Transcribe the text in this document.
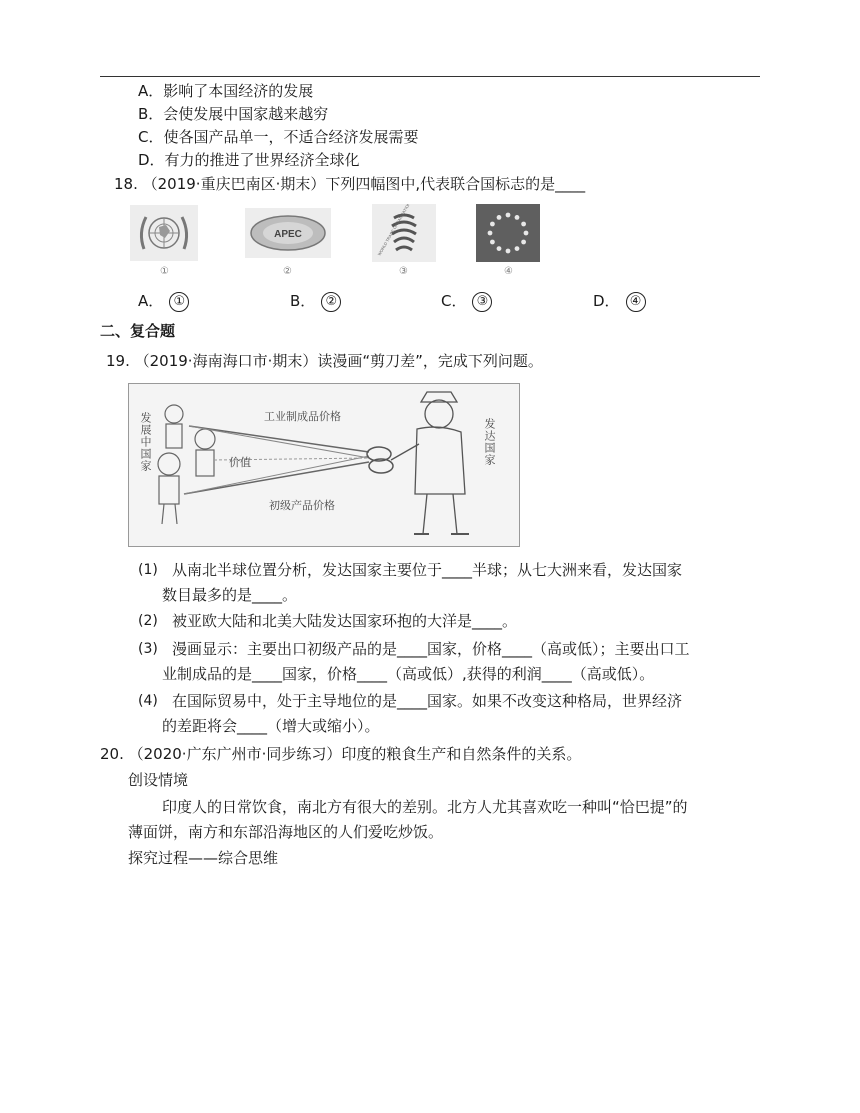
A．影响了本国经济的发展
B．会使发展中国家越来越穷
C．使各国产品单一，不适合经济发展需要
D．有力的推进了世界经济全球化
18. （2019·重庆巴南区·期末）下列四幅图中,代表联合国标志的是____
①
APEC
②
WORLD TRADE ORGANIZATION
③	④
A． ①	B． ②	C． ③	D． ④
二、复合题
19. （2019·海南海口市·期末）读漫画“剪刀差”，完成下列问题。
发展中国家	发达国家
工业制成品价格
价值
初级产品价格
(1) 从南北半球位置分析，发达国家主要位于____半球；从七大洲来看，发达国家
数目最多的是____。
(2) 被亚欧大陆和北美大陆发达国家环抱的大洋是____。
(3) 漫画显示：主要出口初级产品的是____国家，价格____（高或低）；主要出口工
业制成品的是____国家，价格____（高或低）,获得的利润____（高或低）。
(4) 在国际贸易中，处于主导地位的是____国家。如果不改变这种格局，世界经济
的差距将会____（增大或缩小）。
20. （2020·广东广州市·同步练习）印度的粮食生产和自然条件的关系。
创设情境
印度人的日常饮食，南北方有很大的差别。北方人尤其喜欢吃一种叫“恰巴提”的
薄面饼，南方和东部沿海地区的人们爱吃炒饭。
探究过程——综合思维
